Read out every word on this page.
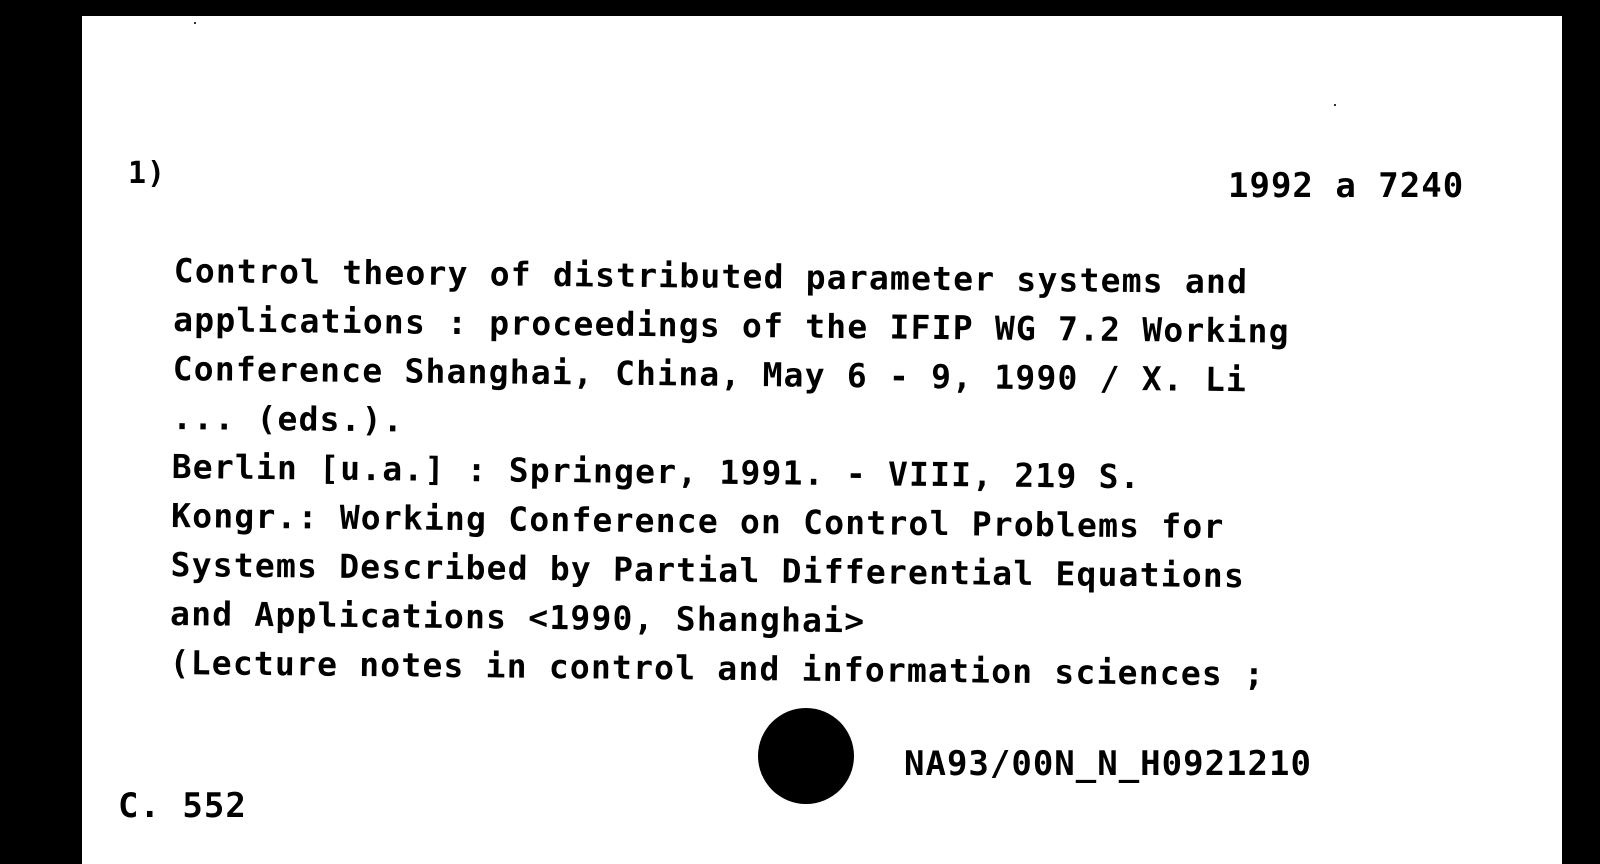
1)	1992 a 7240
Control theory of distributed parameter systems and
applications : proceedings of the IFIP WG 7.2 Working
Conference Shanghai, China, May 6 - 9, 1990 / X. Li
... (eds.).
Berlin [u.a.] : Springer, 1991. - VIII, 219 S.
Kongr.: Working Conference on Control Problems for
Systems Described by Partial Differential Equations
and Applications <1990, Shanghai>
(Lecture notes in control and information sciences ;
C. 552
NA93/00N_N_H0921210
